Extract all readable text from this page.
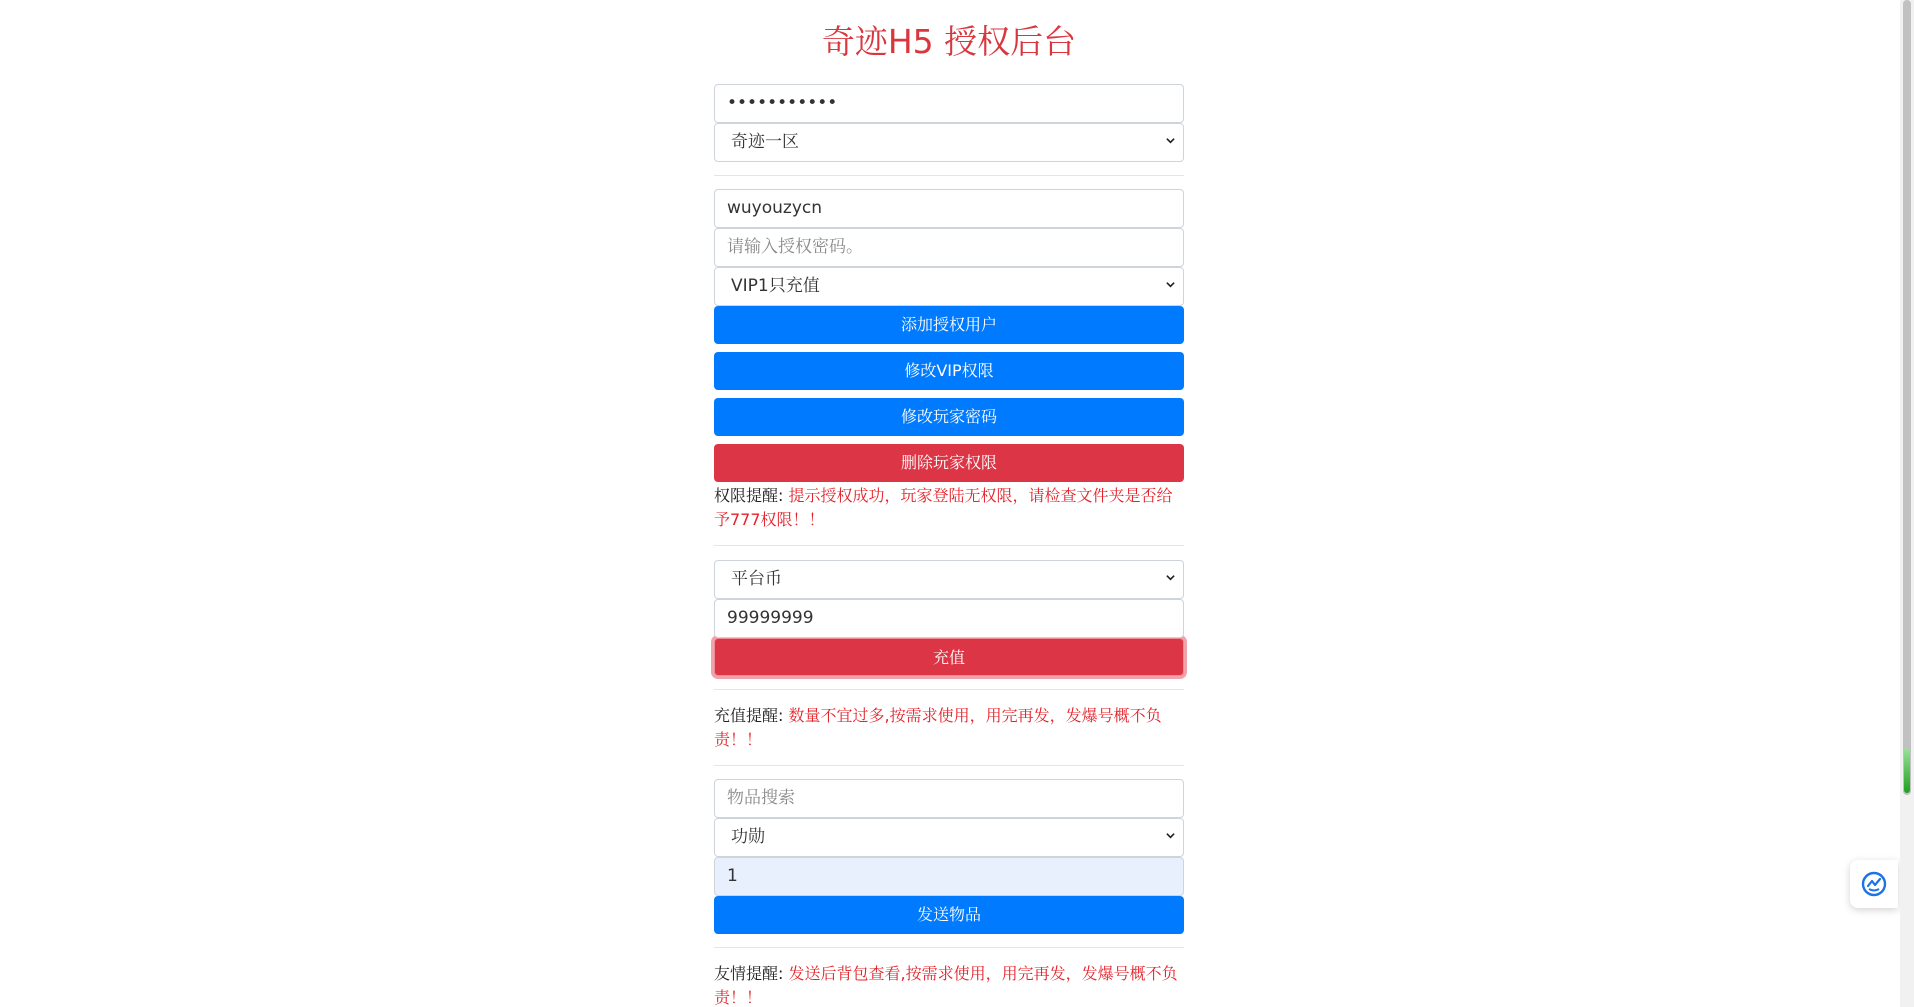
奇迹H5 授权后台
•••••••••••
奇迹一区
wuyouzycn
请输入授权密码。
VIP1只充值
添加授权用户
修改VIP权限
修改玩家密码
删除玩家权限
权限提醒: 提示授权成功，玩家登陆无权限，请检查文件夹是否给予777权限！！
平台币
99999999
充值
充值提醒: 数量不宜过多,按需求使用，用完再发，发爆号概不负责！！
物品搜索
功勋
1
发送物品
友情提醒: 发送后背包查看,按需求使用，用完再发，发爆号概不负责！！
